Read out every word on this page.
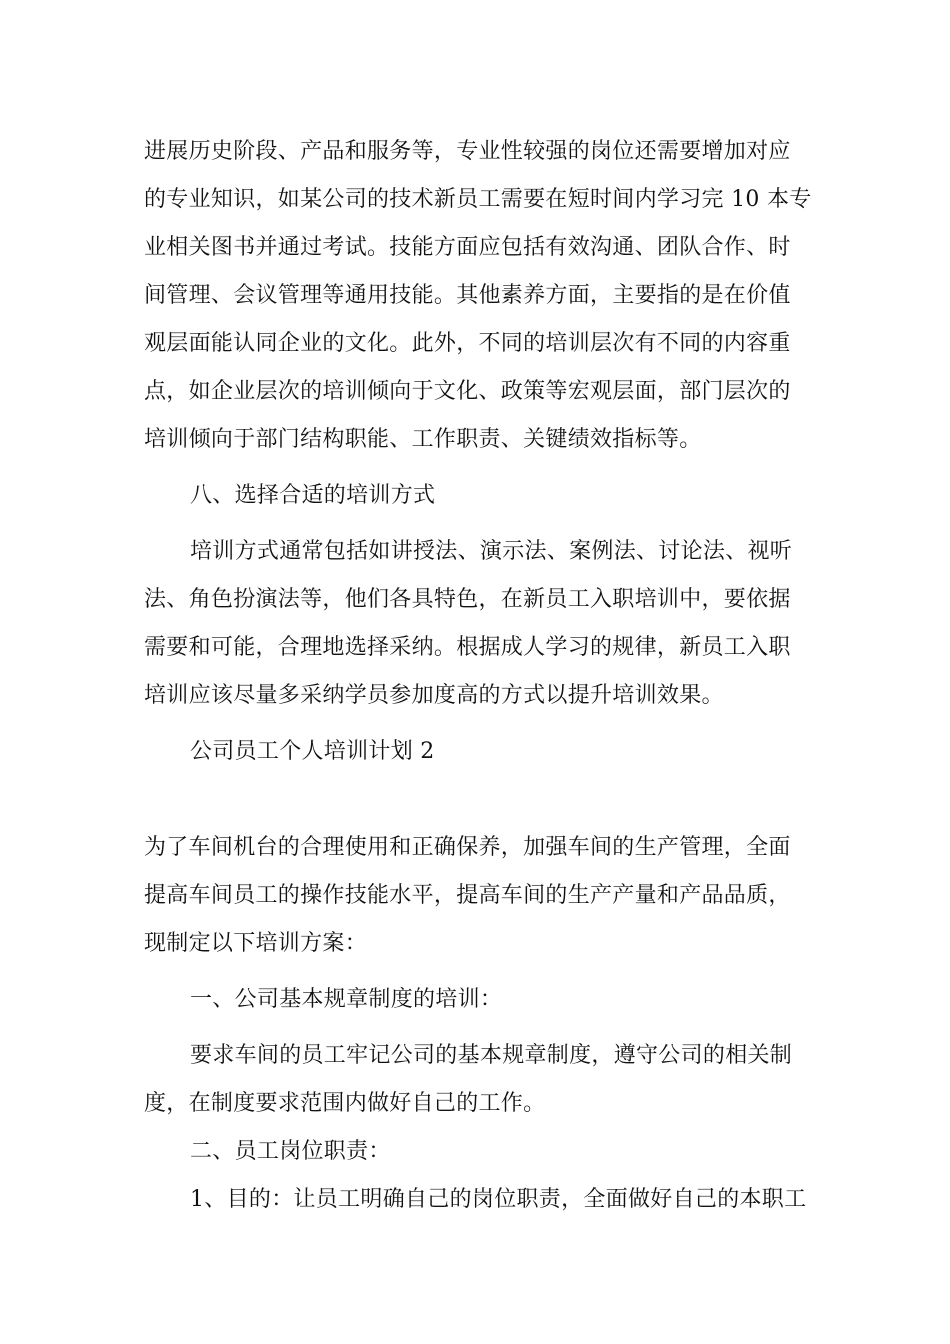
进展历史阶段、产品和服务等，专业性较强的岗位还需要增加对应
的专业知识，如某公司的技术新员工需要在短时间内学习完 10 本专
业相关图书并通过考试。技能方面应包括有效沟通、团队合作、时
间管理、会议管理等通用技能。其他素养方面，主要指的是在价值
观层面能认同企业的文化。此外，不同的培训层次有不同的内容重
点，如企业层次的培训倾向于文化、政策等宏观层面，部门层次的
培训倾向于部门结构职能、工作职责、关键绩效指标等。
八、选择合适的培训方式
培训方式通常包括如讲授法、演示法、案例法、讨论法、视听
法、角色扮演法等，他们各具特色，在新员工入职培训中，要依据
需要和可能，合理地选择采纳。根据成人学习的规律，新员工入职
培训应该尽量多采纳学员参加度高的方式以提升培训效果。
公司员工个人培训计划 2
为了车间机台的合理使用和正确保养，加强车间的生产管理，全面
提高车间员工的操作技能水平，提高车间的生产产量和产品品质，
现制定以下培训方案：
一、公司基本规章制度的培训：
要求车间的员工牢记公司的基本规章制度，遵守公司的相关制
度，在制度要求范围内做好自己的工作。
二、员工岗位职责：
1、目的：让员工明确自己的岗位职责，全面做好自己的本职工
